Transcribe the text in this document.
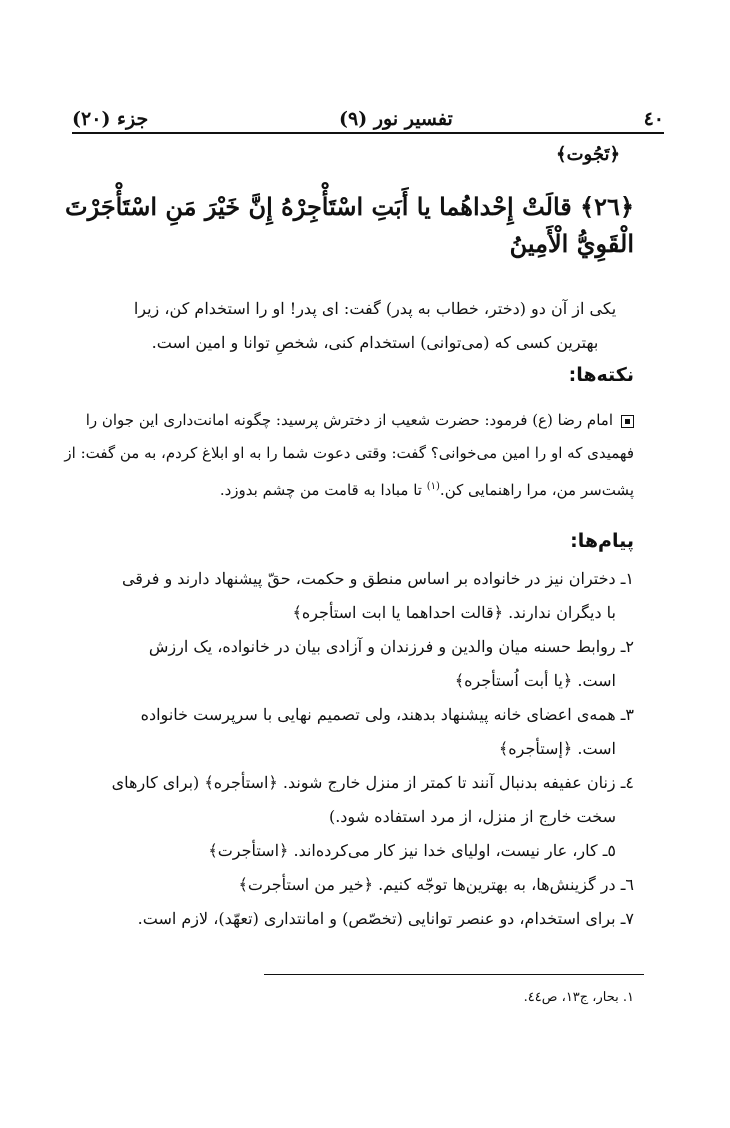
٤٠
تفسیر نور (٩)
جزء (٢٠)
﴿تَجُوت﴾
﴿٢٦﴾ قالَتْ إِحْداهُما يا أَبَتِ اسْتَأْجِرْهُ إِنَّ خَيْرَ مَنِ اسْتَأْجَرْتَ الْقَوِيُّ الْأَمِينُ
یکی از آن دو (دختر، خطاب به پدر) گفت: ای پدر! او را استخدام کن، زیرا
بهترین کسی که (می‌توانی) استخدام کنی، شخصِ توانا و امین است.
نکته‌ها:
امام رضا (ع) فرمود: حضرت شعیب از دخترش پرسید: چگونه امانت‌داری این جوان را
فهمیدی که او را امین می‌خوانی؟ گفت: وقتی دعوت شما را به او ابلاغ کردم، به من گفت: از
پشت‌سر من، مرا راهنمایی کن.$^{(١)}$ تا مبادا به قامت من چشم بدوزد.
پیام‌ها:

١ـ دختران نیز در خانواده بر اساس منطق و حکمت، حقّ پیشنهاد دارند و فرقی
با دیگران ندارند. ﴿قالت احداهما یا ابت استأجره﴾

٢ـ روابط حسنه میان والدین و فرزندان و آزادی بیان در خانواده، یک ارزش
است. ﴿یا أبت اُستأجره﴾

٣ـ همه‌ی اعضای خانه پیشنهاد بدهند، ولی تصمیم نهایی با سرپرست خانواده
است. ﴿إستأجره﴾

٤ـ زنان عفیفه بدنبال آنند تا کمتر از منزل خارج شوند. ﴿استأجره﴾ (برای کارهای
سخت خارج از منزل، از مرد استفاده شود.)

٥ـ کار، عار نیست، اولیای خدا نیز کار می‌کرده‌اند. ﴿استأجرت﴾

٦ـ در گزینش‌ها، به بهترین‌ها توجّه کنیم. ﴿خیر من استأجرت﴾

٧ـ برای استخدام، دو عنصر توانایی (تخصّص) و امانتداری (تعهّد)، لازم است.

١. بحار، ج١٣، ص٤٤.
